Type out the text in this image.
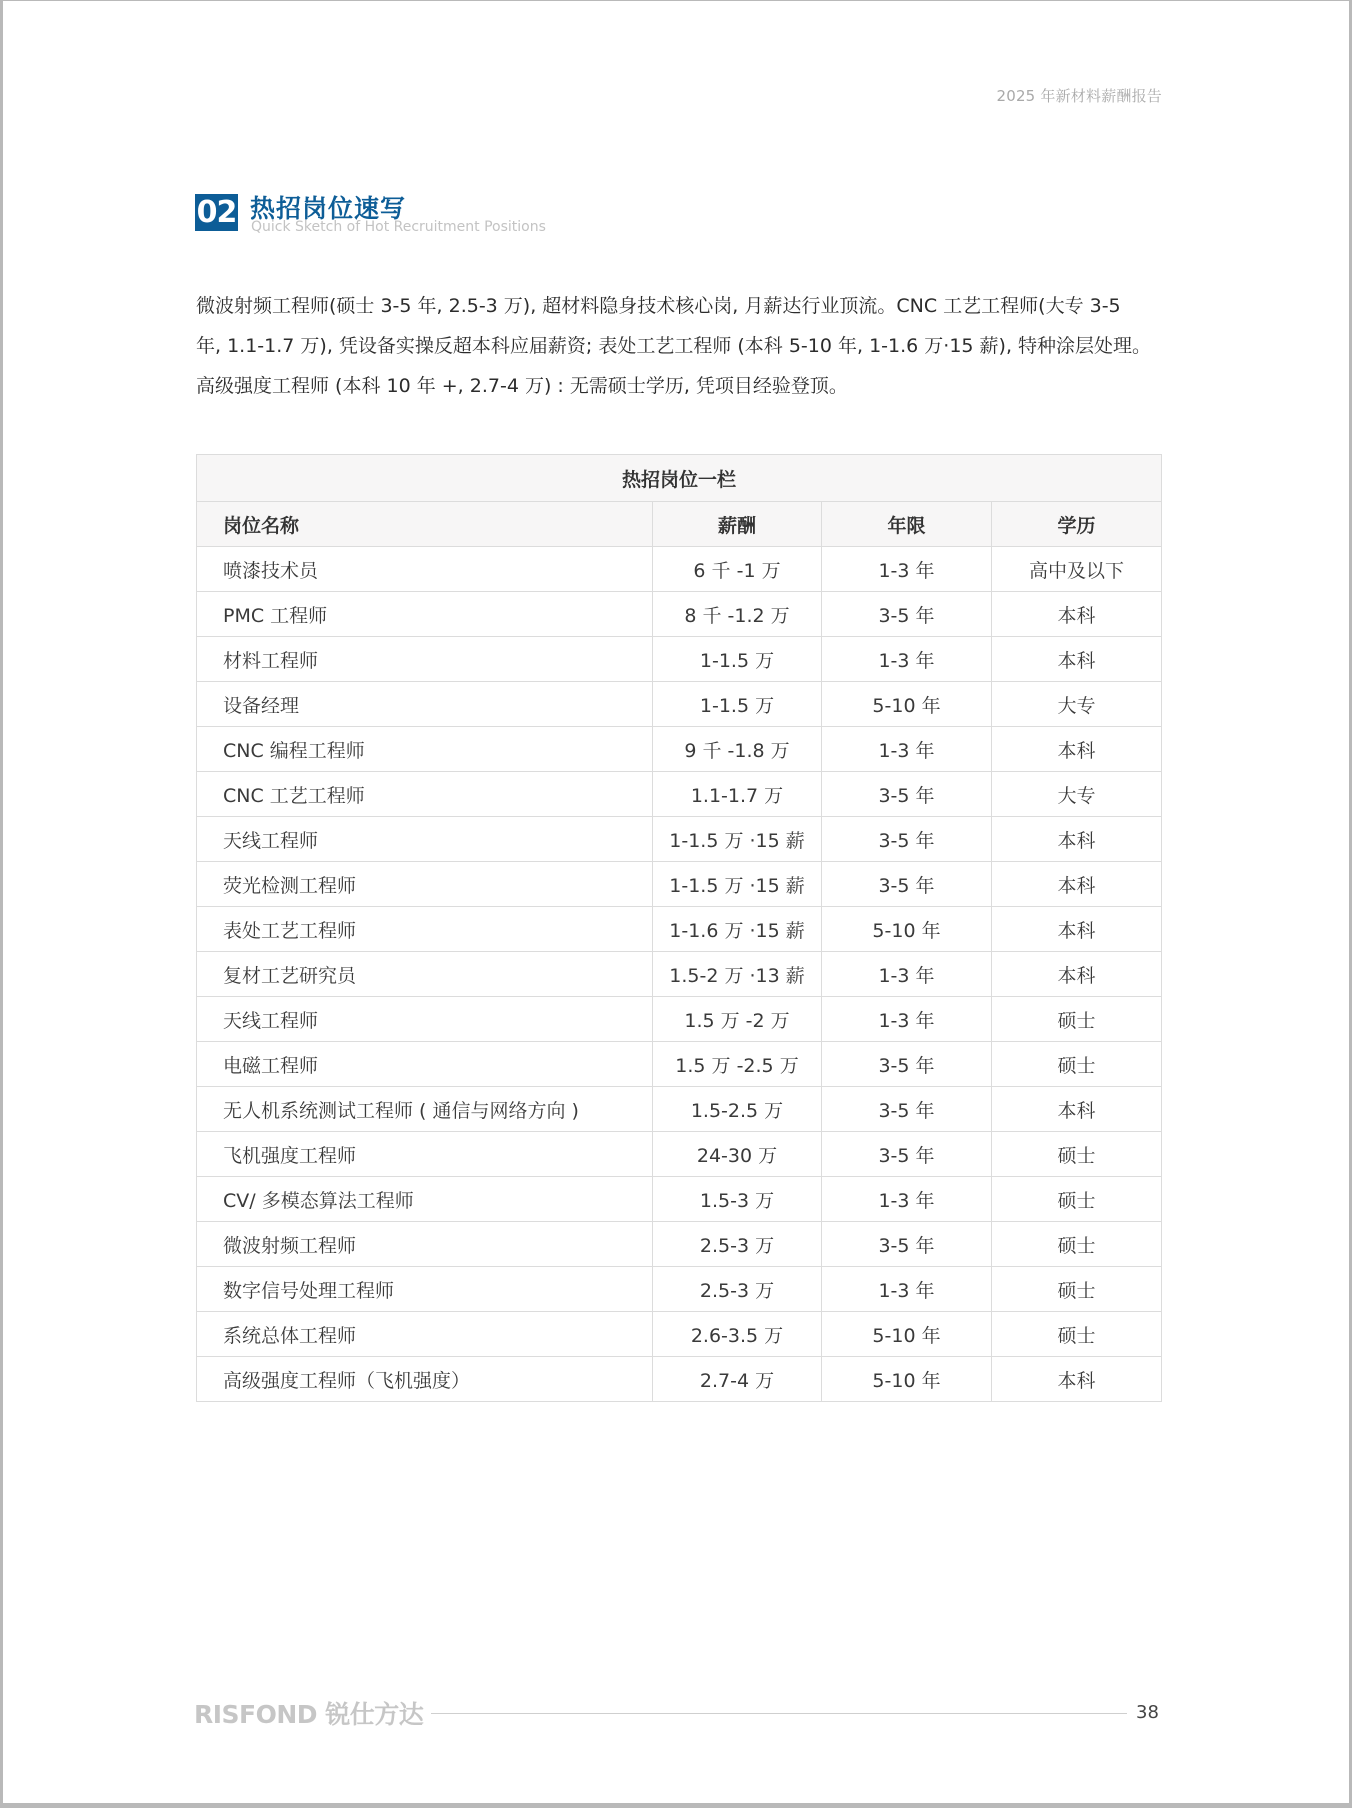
2025 年新材料薪酬报告
02 热招岗位速写
Quick Sketch of Hot Recruitment Positions

微波射频工程师(硕士 3-5 年, 2.5-3 万), 超材料隐身技术核心岗, 月薪达行业顶流。CNC 工艺工程师(大专 3-5

年, 1.1-1.7 万), 凭设备实操反超本科应届薪资; 表处工艺工程师 (本科 5-10 年, 1-1.6 万·15 薪), 特种涂层处理。

高级强度工程师 (本科 10 年 +, 2.7-4 万) : 无需硕士学历, 凭项目经验登顶。

热招岗位一栏			
岗位名称	薪酬	年限	学历
喷漆技术员	6 千 -1 万	1-3 年	高中及以下
PMC 工程师	8 千 -1.2 万	3-5 年	本科
材料工程师	1-1.5 万	1-3 年	本科
设备经理	1-1.5 万	5-10 年	大专
CNC 编程工程师	9 千 -1.8 万	1-3 年	本科
CNC 工艺工程师	1.1-1.7 万	3-5 年	大专
天线工程师	1-1.5 万 ·15 薪	3-5 年	本科
荧光检测工程师	1-1.5 万 ·15 薪	3-5 年	本科
表处工艺工程师	1-1.6 万 ·15 薪	5-10 年	本科
复材工艺研究员	1.5-2 万 ·13 薪	1-3 年	本科
天线工程师	1.5 万 -2 万	1-3 年	硕士
电磁工程师	1.5 万 -2.5 万	3-5 年	硕士
无人机系统测试工程师 ( 通信与网络方向 )	1.5-2.5 万	3-5 年	本科
飞机强度工程师	24-30 万	3-5 年	硕士
CV/ 多模态算法工程师	1.5-3 万	1-3 年	硕士
微波射频工程师	2.5-3 万	3-5 年	硕士
数字信号处理工程师	2.5-3 万	1-3 年	硕士
系统总体工程师	2.6-3.5 万	5-10 年	硕士
高级强度工程师（飞机强度）	2.7-4 万	5-10 年	本科
RISFOND 锐仕方达	38
